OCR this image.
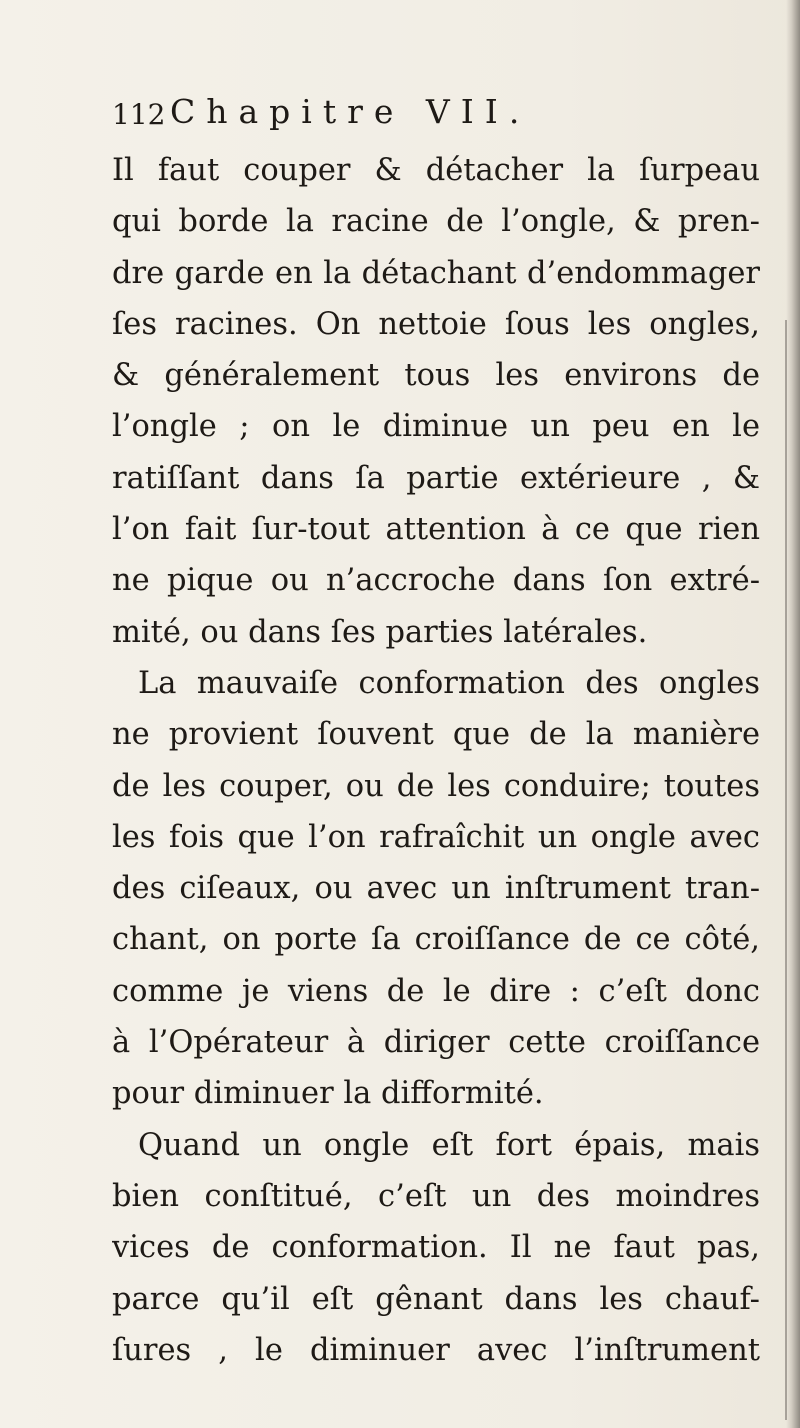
112 Chapitre VII.
Il faut couper & détacher la ſurpeau
qui borde la racine de l’ongle, & pren-
dre garde en la détachant d’endommager
ſes racines. On nettoie ſous les ongles,
& généralement tous les environs de
l’ongle ; on le diminue un peu en le
ratiſſant dans ſa partie extérieure , &
l’on fait ſur-tout attention à ce que rien
ne pique ou n’accroche dans ſon extré-
mité, ou dans ſes parties latérales.
La mauvaiſe conformation des ongles
ne provient ſouvent que de la manière
de les couper, ou de les conduire; toutes
les fois que l’on rafraîchit un ongle avec
des ciſeaux, ou avec un inſtrument tran-
chant, on porte ſa croiſſance de ce côté,
comme je viens de le dire : c’eſt donc
à l’Opérateur à diriger cette croiſſance
pour diminuer la difformité.
Quand un ongle eſt fort épais, mais
bien conſtitué, c’eſt un des moindres
vices de conformation. Il ne faut pas,
parce qu’il eſt gênant dans les chauf-
ſures , le diminuer avec l’inſtrument
